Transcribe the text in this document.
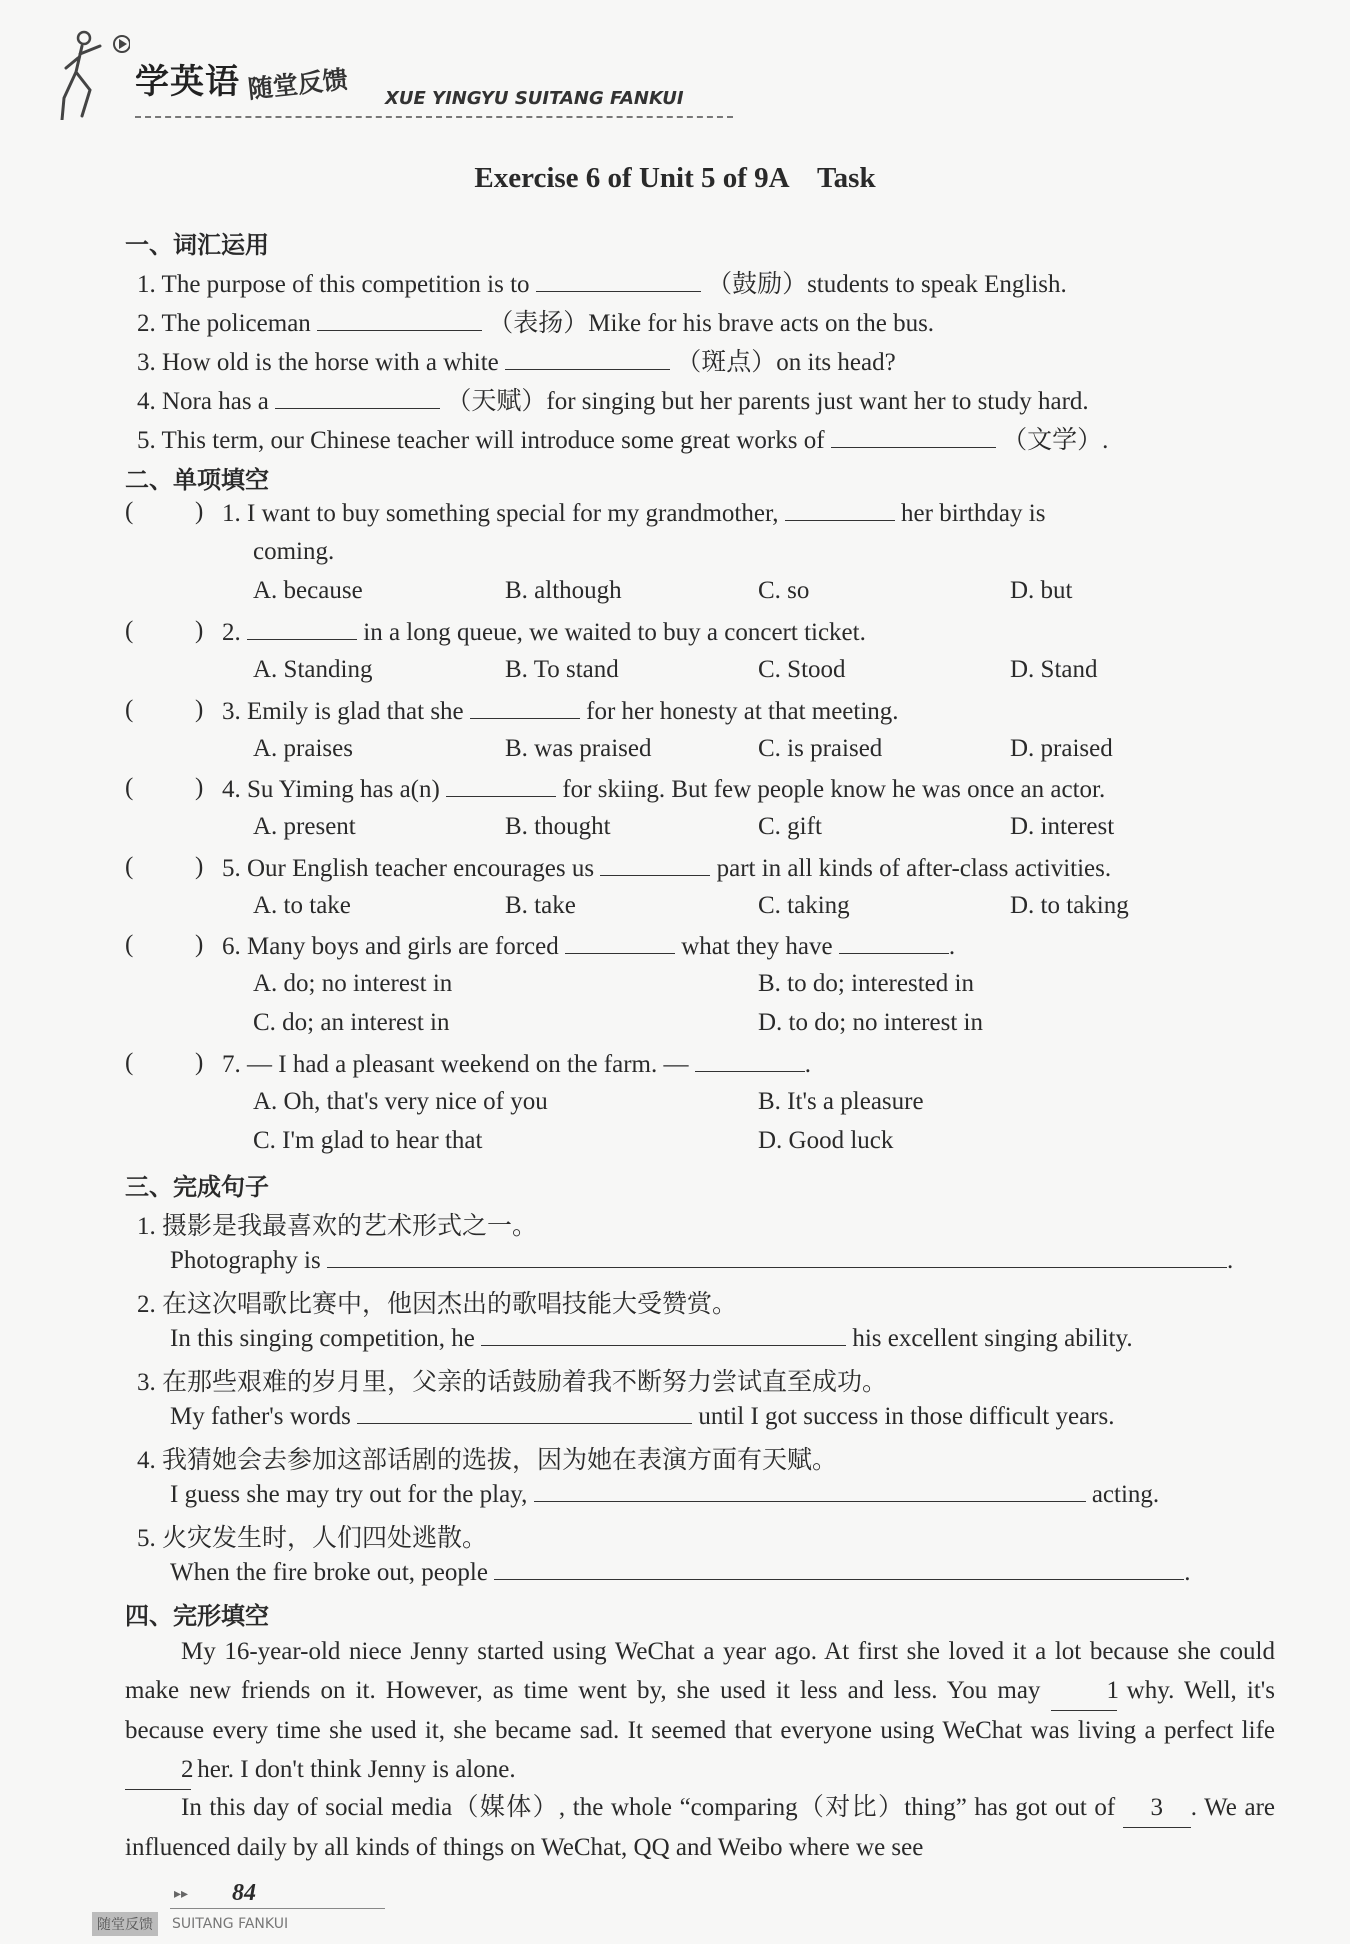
学英语 随堂反馈 XUE YINGYU SUITANG FANKUI
Exercise 6 of Unit 5 of 9A　Task
一、词汇运用
1. The purpose of this competition is to	（鼓励）students to speak English.
2. The policeman	（表扬）Mike for his brave acts on the bus.
3. How old is the horse with a white	（斑点）on its head?
4. Nora has a	（天赋）for singing but her parents just want her to study hard.
5. This term, our Chinese teacher will introduce some great works of	（文学）.
二、单项填空
( ) 1. I want to buy something special for my grandmother,	her birthday is
coming.
A. because	B. although	C. so	D. but
( ) 2.	in a long queue, we waited to buy a concert ticket.
A. Standing	B. To stand	C. Stood	D. Stand
( ) 3. Emily is glad that she	for her honesty at that meeting.
A. praises	B. was praised	C. is praised	D. praised
( ) 4. Su Yiming has a(n)	for skiing. But few people know he was once an actor.
A. present	B. thought	C. gift	D. interest
( ) 5. Our English teacher encourages us	part in all kinds of after-class activities.
A. to take	B. take	C. taking	D. to taking
( ) 6. Many boys and girls are forced	what they have	.
A. do; no interest in	B. to do; interested in
C. do; an interest in	D. to do; no interest in
( ) 7. — I had a pleasant weekend on the farm. —	.
A. Oh, that's very nice of you	B. It's a pleasure
C. I'm glad to hear that	D. Good luck
三、完成句子
1. 摄影是我最喜欢的艺术形式之一。
Photography is	.
2. 在这次唱歌比赛中，他因杰出的歌唱技能大受赞赏。
In this singing competition, he	his excellent singing ability.
3. 在那些艰难的岁月里，父亲的话鼓励着我不断努力尝试直至成功。
My father's words	until I got success in those difficult years.
4. 我猜她会去参加这部话剧的选拔，因为她在表演方面有天赋。
I guess she may try out for the play,	acting.
5. 火灾发生时，人们四处逃散。
When the fire broke out, people	.
四、完形填空
My 16-year-old niece Jenny started using WeChat a year ago. At first she loved it a lot because she could make new friends on it. However, as time went by, she used it less and less. You may	1 why. Well, it's because every time she used it, she became sad. It seemed that everyone using WeChat was living a perfect life 2 her. I don't think Jenny is alone.
In this day of social media（媒体）, the whole “comparing（对比）thing” has got out of 3 . We are influenced daily by all kinds of things on WeChat, QQ and Weibo where we see
▸▸ 84
随堂反馈	SUITANG FANKUI
